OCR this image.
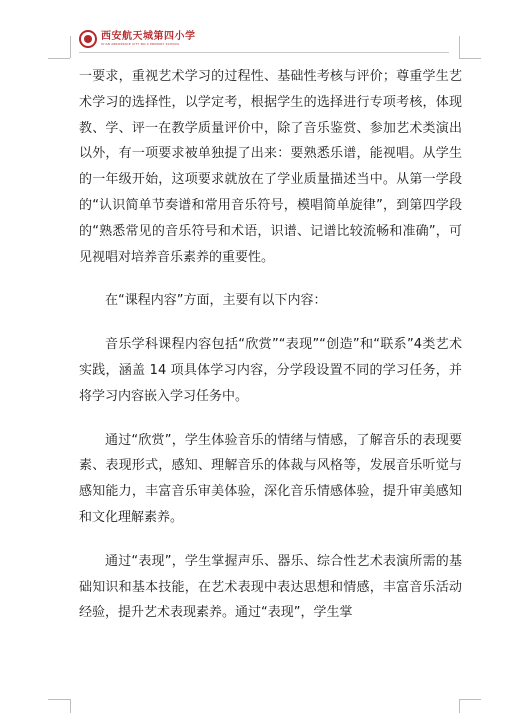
西安航天城第四小学
XI'AN AEROSPACE CITY NO.4 PRIMARY SCHOOL

一要求，重视艺术学习的过程性、基础性考核与评价；尊重学生艺术学习的选择性，以学定考，根据学生的选择进行专项考核，体现教、学、评一在教学质量评价中，除了音乐鉴赏、参加艺术类演出以外，有一项要求被单独提了出来：要熟悉乐谱，能视唱。从学生的一年级开始，这项要求就放在了学业质量描述当中。从第一学段的“认识简单节奏谱和常用音乐符号，模唱简单旋律”，到第四学段的“熟悉常见的音乐符号和术语，识谱、记谱比较流畅和准确”，可见视唱对培养音乐素养的重要性。

在“课程内容”方面，主要有以下内容：

音乐学科课程内容包括“欣赏”“表现”“创造”和“联系”4类艺术实践，涵盖 14 项具体学习内容，分学段设置不同的学习任务，并将学习内容嵌入学习任务中。

通过“欣赏”，学生体验音乐的情绪与情感，了解音乐的表现要素、表现形式，感知、理解音乐的体裁与风格等，发展音乐听觉与感知能力，丰富音乐审美体验，深化音乐情感体验，提升审美感知和文化理解素养。

通过“表现”，学生掌握声乐、器乐、综合性艺术表演所需的基础知识和基本技能，在艺术表现中表达思想和情感，丰富音乐活动经验，提升艺术表现素养。通过“表现”，学生掌
